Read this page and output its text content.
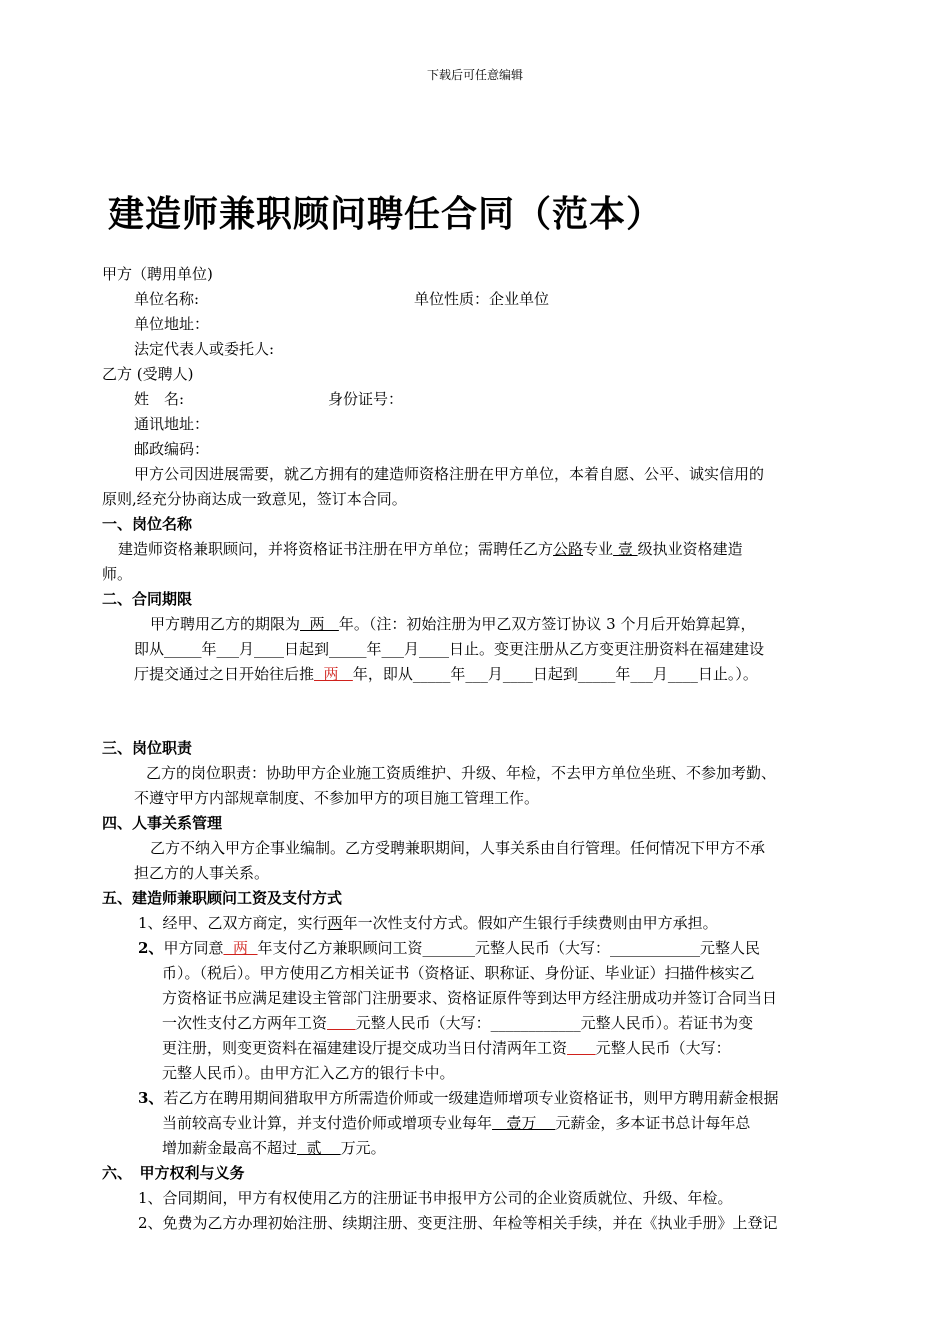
下载后可任意编辑
建造师兼职顾问聘任合同（范本）
甲方（聘用单位)
单位名称:	单位性质：企业单位
单位地址：
法定代表人或委托人:
乙方 (受聘人)
姓　名:	身份证号：
通讯地址：
邮政编码：
甲方公司因进展需要，就乙方拥有的建造师资格注册在甲方单位，本着自愿、公平、诚实信用的
原则,经充分协商达成一致意见，签订本合同。
一、岗位名称
建造师资格兼职顾问，并将资格证书注册在甲方单位；需聘任乙方公路专业 壹 级执业资格建造
师。
二、合同期限
甲方聘用乙方的期限为  两   年。（注：初始注册为甲乙双方签订协议 3 个月后开始算起算，
即从_____年___月____日起到_____年___月____日止。变更注册从乙方变更注册资料在福建建设
厅提交通过之日开始往后推  两   年，即从_____年___月____日起到_____年___月____日止。）。
三、岗位职责
乙方的岗位职责：协助甲方企业施工资质维护、升级、年检，不去甲方单位坐班、不参加考勤、
不遵守甲方内部规章制度、不参加甲方的项目施工管理工作。
四、人事关系管理
乙方不纳入甲方企事业编制。乙方受聘兼职期间，人事关系由自行管理。任何情况下甲方不承
担乙方的人事关系。
五、建造师兼职顾问工资及支付方式
1、经甲、乙双方商定，实行两年一次性支付方式。假如产生银行手续费则由甲方承担。
2、甲方同意  两  年支付乙方兼职顾问工资_______元整人民币（大写：____________元整人民
币）。（税后）。甲方使用乙方相关证书（资格证、职称证、身份证、毕业证）扫描件核实乙
方资格证书应满足建设主管部门注册要求、资格证原件等到达甲方经注册成功并签订合同当日
一次性支付乙方两年工资 元整人民币（大写：____________元整人民币）。若证书为变
更注册，则变更资料在福建建设厅提交成功当日付清两年工资 元整人民币（大写：
元整人民币）。由甲方汇入乙方的银行卡中。
3、若乙方在聘用期间猎取甲方所需造价师或一级建造师增项专业资格证书，则甲方聘用薪金根据
当前较高专业计算，并支付造价师或增项专业每年   壹万    元薪金，多本证书总计每年总
增加薪金最高不超过  贰    万元。
六、　甲方权利与义务
1、合同期间，甲方有权使用乙方的注册证书申报甲方公司的企业资质就位、升级、年检。
2、免费为乙方办理初始注册、续期注册、变更注册、年检等相关手续，并在《执业手册》上登记
